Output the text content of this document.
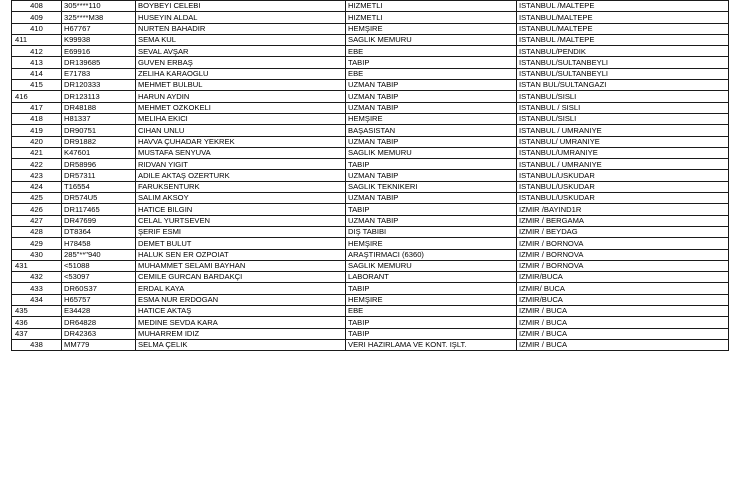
408	305****110	BOYBEYI CELEBI	HIZMETLI	ISTANBUL /MALTEPE
409	325****M38	HUSEYIN ALDAL	HIZMETLI	ISTANBUL/MALTEPE
410	H67767	NURTEN BAHADIR	HEMŞIRE	ISTANBUL/MALTEPE
411	K99938	SEMA KUL	SAGLIK MEMURU	ISTANBUL /MALTEPE
412	E69916	SEVAL AVŞAR	EBE	ISTANBUL/PENDIK
413	DR139685	GUVEN ERBAŞ	TABIP	ISTANBUL/SULTANBEYLI
414	E71783	ZELIHA KARAOGLU	EBE	ISTANBUL/SULTANBEYLI
415	DR120333	MEHMET BULBUL	UZMAN TABIP	ISTAN BUL/SULTANGAZI
416	DR123113	HARUN AYDIN	UZMAN TABIP	ISTANBUL/SISLI
417	DR48188	MEHMET OZKOKELI	UZMAN TABIP	ISTANBUL / SISLI
418	H81337	MELIHA EKICI	HEMŞIRE	ISTANBUL/SISLI
419	DR90751	CIHAN UNLU	BAŞASISTAN	ISTANBUL / UMRANIYE
420	DR91882	HAVVA ÇUHADAR YEKREK	UZMAN TABIP	ISTANBUL/ UMRANIYE
421	K47601	MUSTAFA SENYUVA	SAGLIK MEMURU	ISTANBUL/UMRANIYE
422	DR58996	RIDVAN YIGIT	TABIP	ISTANBUL / UMRANIYE
423	DR57311	ADILE AKTAŞ OZERTURK	UZMAN TABIP	ISTANBUL/USKUDAR
424	T16554	FARUKSENTURK	SAGLIK TEKNIKERI	ISTANBUL/USKUDAR
425	DR574U5	SALIM AKSOY	UZMAN TABIP	ISTANBUL/USKUDAR
426	DR117465	HATICE BILGIN	TABIP	IZMIR /BAYIND1R
427	DR47699	CELAL YURTSEVEN	UZMAN TABIP	IZMIR / BERGAMA
428	DT8364	ŞERIF ESMI	DIŞ TABIBI	IZMIR / BEYDAG
429	H78458	DEMET BULUT	HEMŞIRE	IZMIR / BORNOVA
430	285"**"940	HALUK SEN ER OZPOIAT	ARAŞTIRMACI (6360)	IZMIR / BORNOVA
431	<51088	MUHAMMET SELAMI BAYHAN	SAGLIK MEMURU	IZMIR / BORNOVA
432	<53097	CEMILE GURCAN BARDAKÇI	LABORANT	IZMIR/BUCA
433	DR60S37	ERDAL KAYA	TABIP	IZMIR/ BUCA
434	H65757	ESMA NUR ERDOGAN	HEMŞIRE	IZMIR/BUCA
435	E34428	HATICE AKTAŞ	EBE	IZMIR / BUCA
436	DR64828	MEDINE SEVDA KARA	TABIP	IZMIR / BUCA
437	DR42363	MUHARREM IDIZ	TABIP	IZMIR / BUCA
438	MM779	SELMA ÇELIK	VERI HAZIRLAMA VE KONT. IŞLT.	IZMIR / BUCA
